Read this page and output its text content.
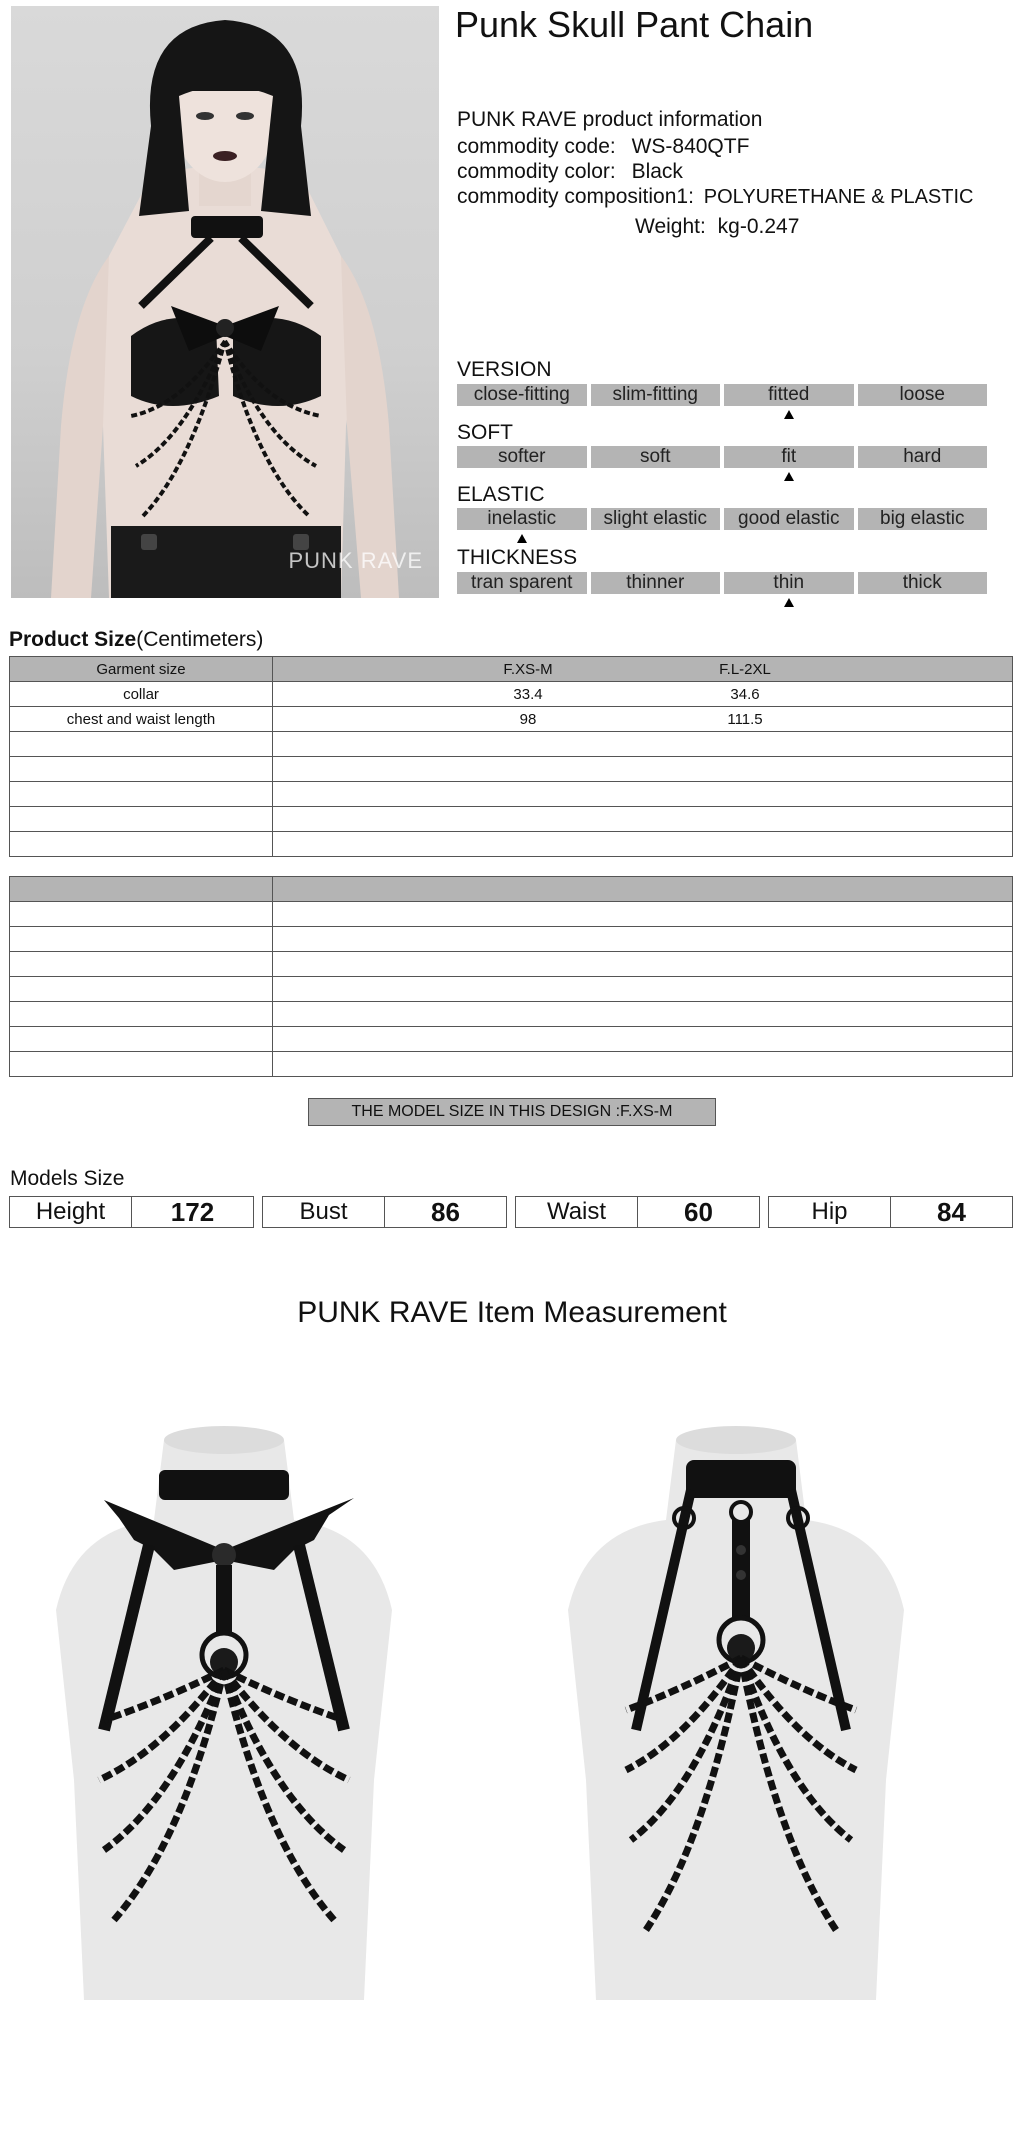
PUNK RAVE
Punk Skull Pant Chain
PUNK RAVE product information
commodity code: WS-840QTF
commodity color: Black
commodity composition1: POLYURETHANE & PLASTIC
Weight: kg-0.247
VERSION
close-fitting	slim-fitting	fitted	loose
SOFT
softer	soft	fit	hard
ELASTIC
inelastic	slight elastic	good elastic	big elastic
THICKNESS
tran sparent	thinner	thin	thick
Product Size(Centimeters)
Garment size	F.XS-M F.L-2XL

collar	33.4 34.6

chest and waist length	98 111.5

THE MODEL SIZE IN THIS DESIGN :F.XS-M
Models Size
Height	172	Bust	86	Waist	60	Hip	84
PUNK RAVE Item Measurement
